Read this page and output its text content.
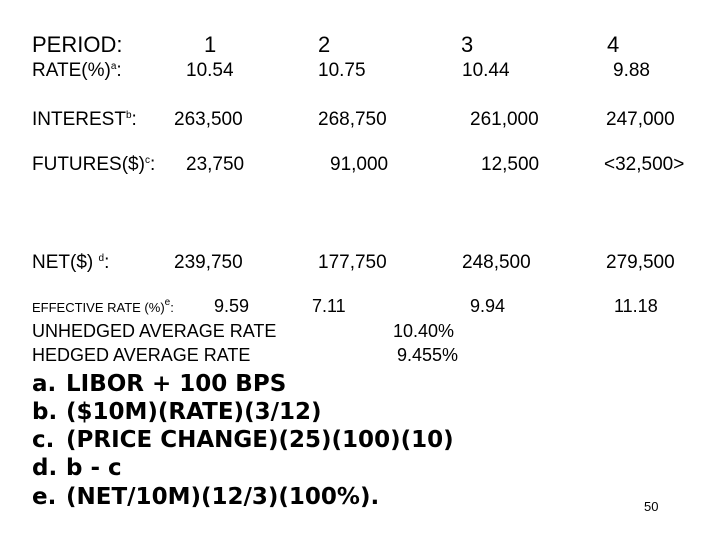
PERIOD:	1	2	3	4
RATE(%)$^a$:	10.54	10.75	10.44	9.88
INTEREST$^b$: 263,500	268,750	261,000	247,000
FUTURES($)$^c$: 23,750	91,000	12,500	<32,500>
NET($) $^d$:	239,750	177,750	248,500	279,500
EFFECTIVE RATE (%)$^e$: 9.59	7.11	9.94	11.18
UNHEDGED AVERAGE RATE	10.40%
HEDGED AVERAGE RATE	9.455%
a. LIBOR + 100 BPS
b. ($10M)(RATE)(3/12)
c. (PRICE CHANGE)(25)(100)(10)
d. b - c
e. (NET/10M)(12/3)(100%).	50
